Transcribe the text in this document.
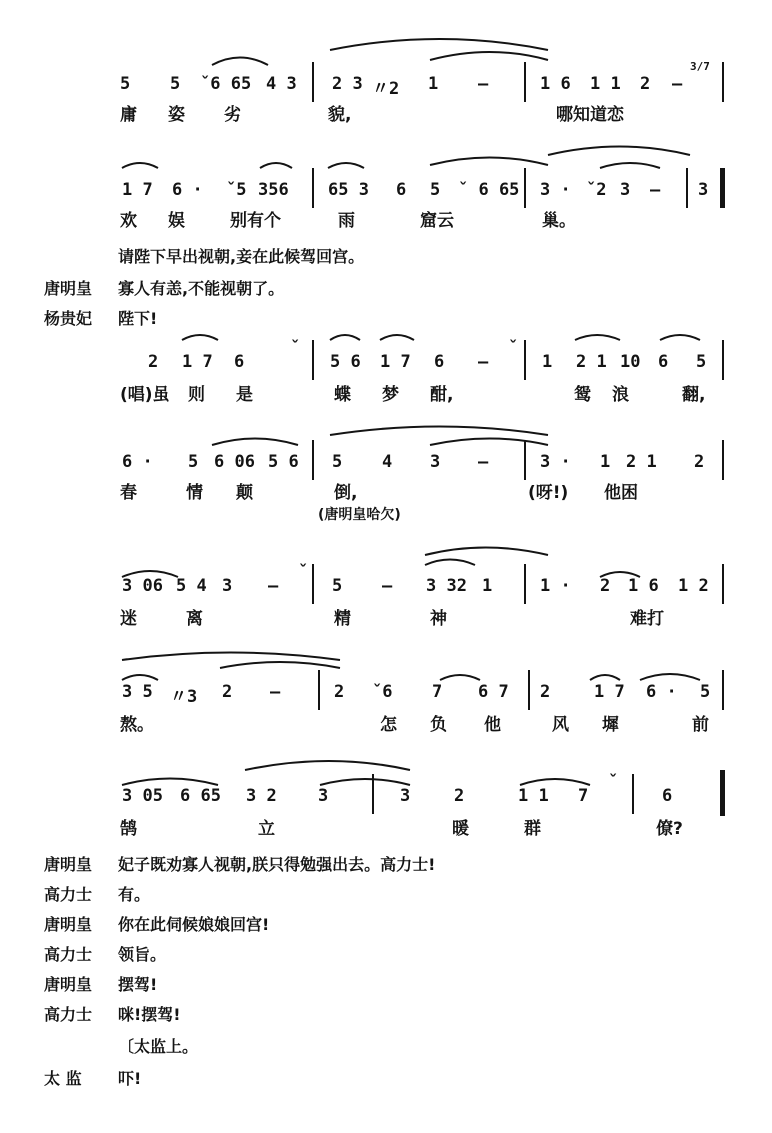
5 5 ˇ6 65 4 3 2 3 〃2 1 –	1 6 1 1 2 –
3/7
庸 姿 劣	貌,	哪知道恋
1 7 6 · ˇ5 356 65 3 6 5 ˇ 6 65 3 · ˇ2 3 – 3
欢 娱	别有个	雨	窟云	巢。
请陛下早出视朝,妾在此候驾回宫。
唐明皇 寡人有恙,不能视朝了。
杨贵妃 陛下!
2 1 7 6
ˇ
5 6 1 7 6 –
ˇ
1 2 1 10 6 5
(唱)虽 则 是	蝶 梦 酣,	鸳 浪	翻,
6 · 5 6 06 5 6 5 4 3 –	3 · 1 2 1 2
春	情 颠	倒,	(呀!) 他困
(唐明皇哈欠)
3 06 5 4 3 –
ˇ
5 – 3 32 1	1 · 2 1 6 1 2
迷	离	精	神	难打
3 5 〃3 2 –	2 ˇ6 7 6 7 2	1 7 6 · 5
熬。	怎 负 他	风 墀	前
3 05 6 65 3 2 3	3	2	1 1 7
ˇ
6
鹄	立	暖	群	僚?
唐明皇 妃子既劝寡人视朝,朕只得勉强出去。高力士!
高力士 有。
唐明皇 你在此伺候娘娘回宫!
高力士 领旨。
唐明皇 摆驾!
高力士 咪!摆驾!
〔太监上。
太 监 吓!
